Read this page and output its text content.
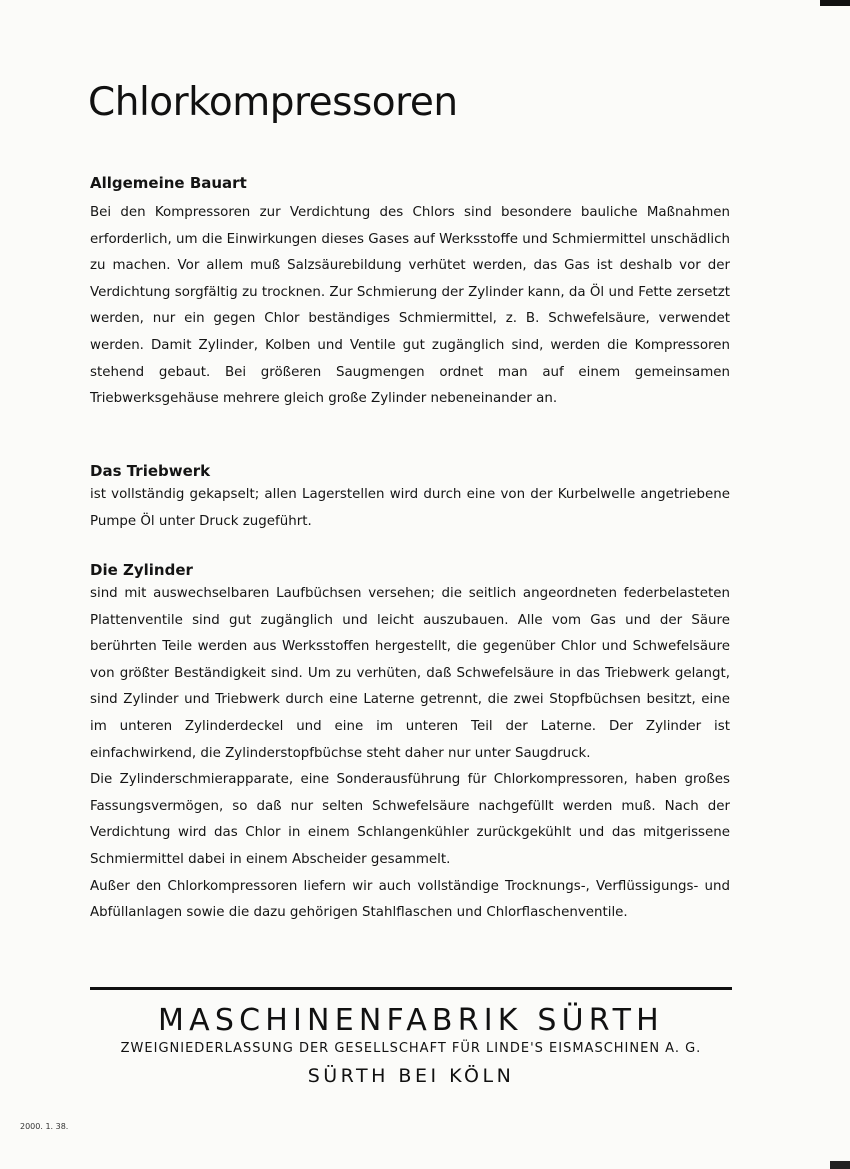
Chlorkompressoren
Allgemeine Bauart

Bei den Kompressoren zur Verdichtung des Chlors sind besondere bauliche Maßnahmen erforderlich, um die Einwirkungen dieses Gases auf Werksstoffe und Schmiermittel unschädlich zu machen. Vor allem muß Salzsäurebildung verhütet werden, das Gas ist deshalb vor der Verdichtung sorgfältig zu trocknen. Zur Schmierung der Zylinder kann, da Öl und Fette zersetzt werden, nur ein gegen Chlor beständiges Schmiermittel, z. B. Schwefelsäure, verwendet werden. Damit Zylinder, Kolben und Ventile gut zugänglich sind, werden die Kompressoren stehend gebaut. Bei größeren Saugmengen ordnet man auf einem gemeinsamen Triebwerksgehäuse mehrere gleich große Zylinder nebeneinander an.

Das Triebwerk

ist vollständig gekapselt; allen Lagerstellen wird durch eine von der Kurbelwelle angetriebene Pumpe Öl unter Druck zugeführt.

Die Zylinder

sind mit auswechselbaren Laufbüchsen versehen; die seitlich angeordneten federbelasteten Plattenventile sind gut zugänglich und leicht auszubauen. Alle vom Gas und der Säure berührten Teile werden aus Werksstoffen hergestellt, die gegenüber Chlor und Schwefelsäure von größter Beständigkeit sind. Um zu verhüten, daß Schwefelsäure in das Triebwerk gelangt, sind Zylinder und Triebwerk durch eine Laterne getrennt, die zwei Stopfbüchsen besitzt, eine im unteren Zylinderdeckel und eine im unteren Teil der Laterne. Der Zylinder ist einfachwirkend, die Zylinderstopfbüchse steht daher nur unter Saugdruck.

Die Zylinderschmierapparate, eine Sonderausführung für Chlorkompressoren, haben großes Fassungsvermögen, so daß nur selten Schwefelsäure nachgefüllt werden muß. Nach der Verdichtung wird das Chlor in einem Schlangenkühler zurückgekühlt und das mitgerissene Schmiermittel dabei in einem Abscheider gesammelt.

Außer den Chlorkompressoren liefern wir auch vollständige Trocknungs-, Verflüssigungs- und Abfüllanlagen sowie die dazu gehörigen Stahlflaschen und Chlorflaschenventile.

MASCHINENFABRIK SÜRTH
ZWEIGNIEDERLASSUNG DER GESELLSCHAFT FÜR LINDE'S EISMASCHINEN A. G.
SÜRTH BEI KÖLN
2000. 1. 38.
